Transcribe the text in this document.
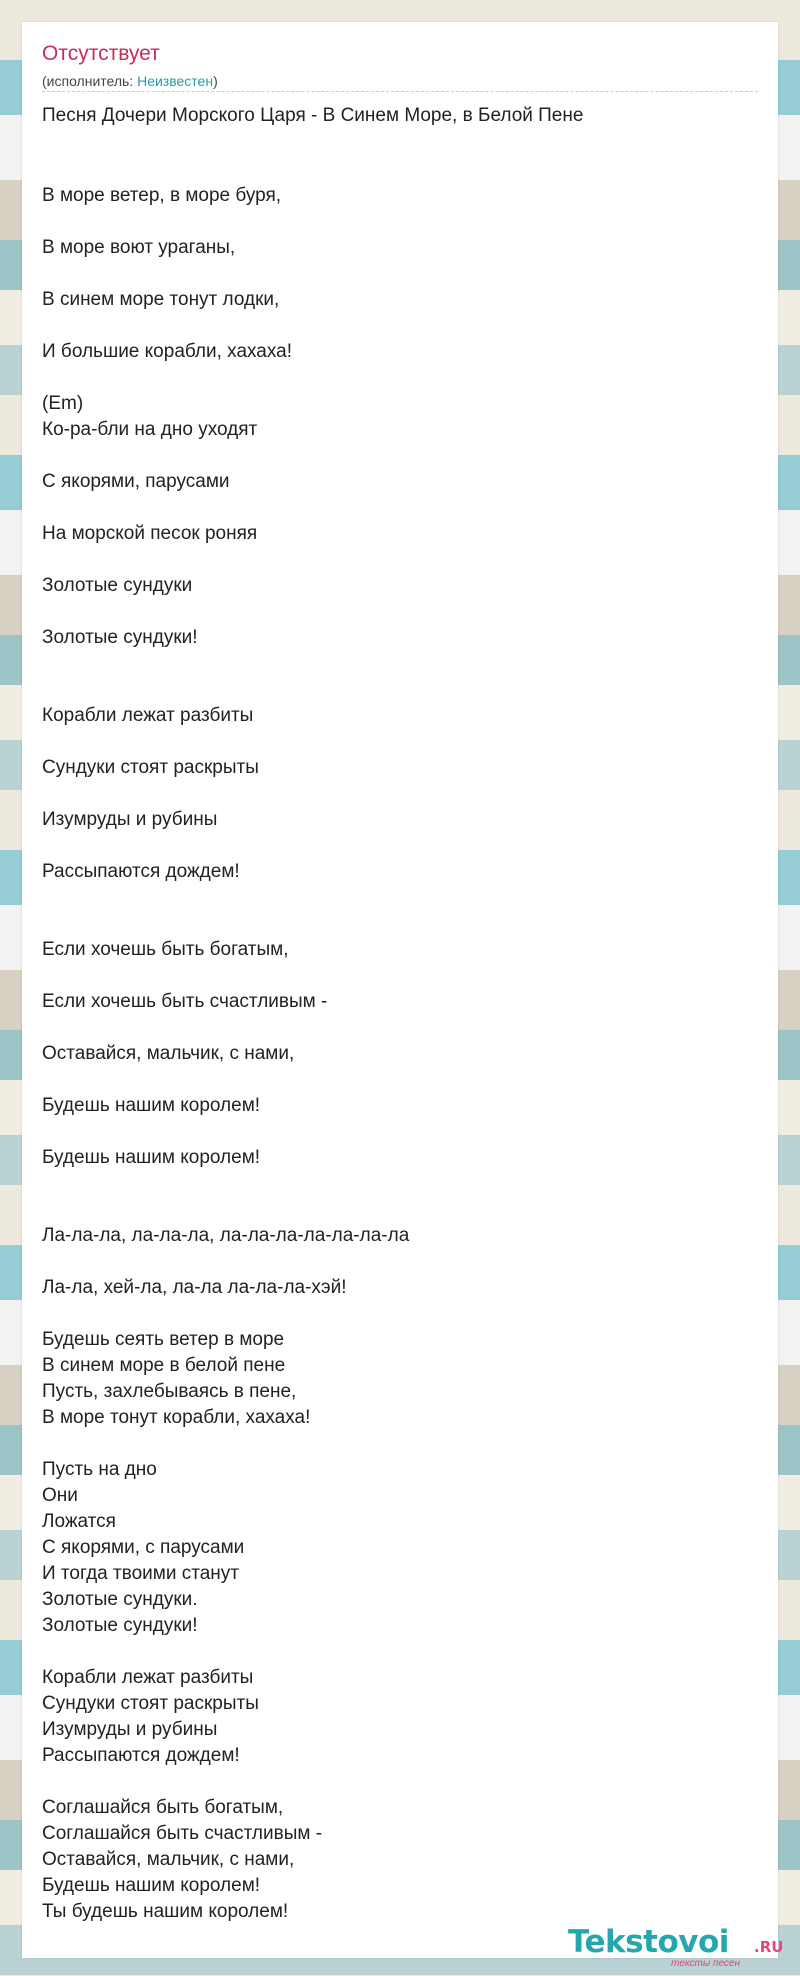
Отсутствует
(исполнитель: Неизвестен)
Песня Дочери Морского Царя - В Синем Море, в Белой Пене
В море ветер, в море буря,
В море воют ураганы,
В синем море тонут лодки,
И большие корабли, хахаха!
(Em)
Ко-ра-бли на дно уходят
С якорями, парусами
На морской песок роняя
Золотые сундуки
Золотые сундуки!
Корабли лежат разбиты
Сундуки стоят раскрыты
Изумруды и рубины
Рассыпаются дождем!
Если хочешь быть богатым,
Если хочешь быть счастливым -
Оставайся, мальчик, с нами,
Будешь нашим королем!
Будешь нашим королем!
Ла-ла-ла, ла-ла-ла, ла-ла-ла-ла-ла-ла-ла
Ла-ла, хей-ла, ла-ла ла-ла-ла-хэй!
Будешь сеять ветер в море
В синем море в белой пене
Пусть, захлебываясь в пене,
В море тонут корабли, хахаха!
Пусть на дно
Они
Ложатся
С якорями, с парусами
И тогда твоими станут
Золотые сундуки.
Золотые сундуки!
Корабли лежат разбиты
Сундуки стоят раскрыты
Изумруды и рубины
Рассыпаются дождем!
Соглашайся быть богатым,
Соглашайся быть счастливым -
Оставайся, мальчик, с нами,
Будешь нашим королем!
Ты будешь нашим королем!
Tekstovoi .RU
тексты песен
